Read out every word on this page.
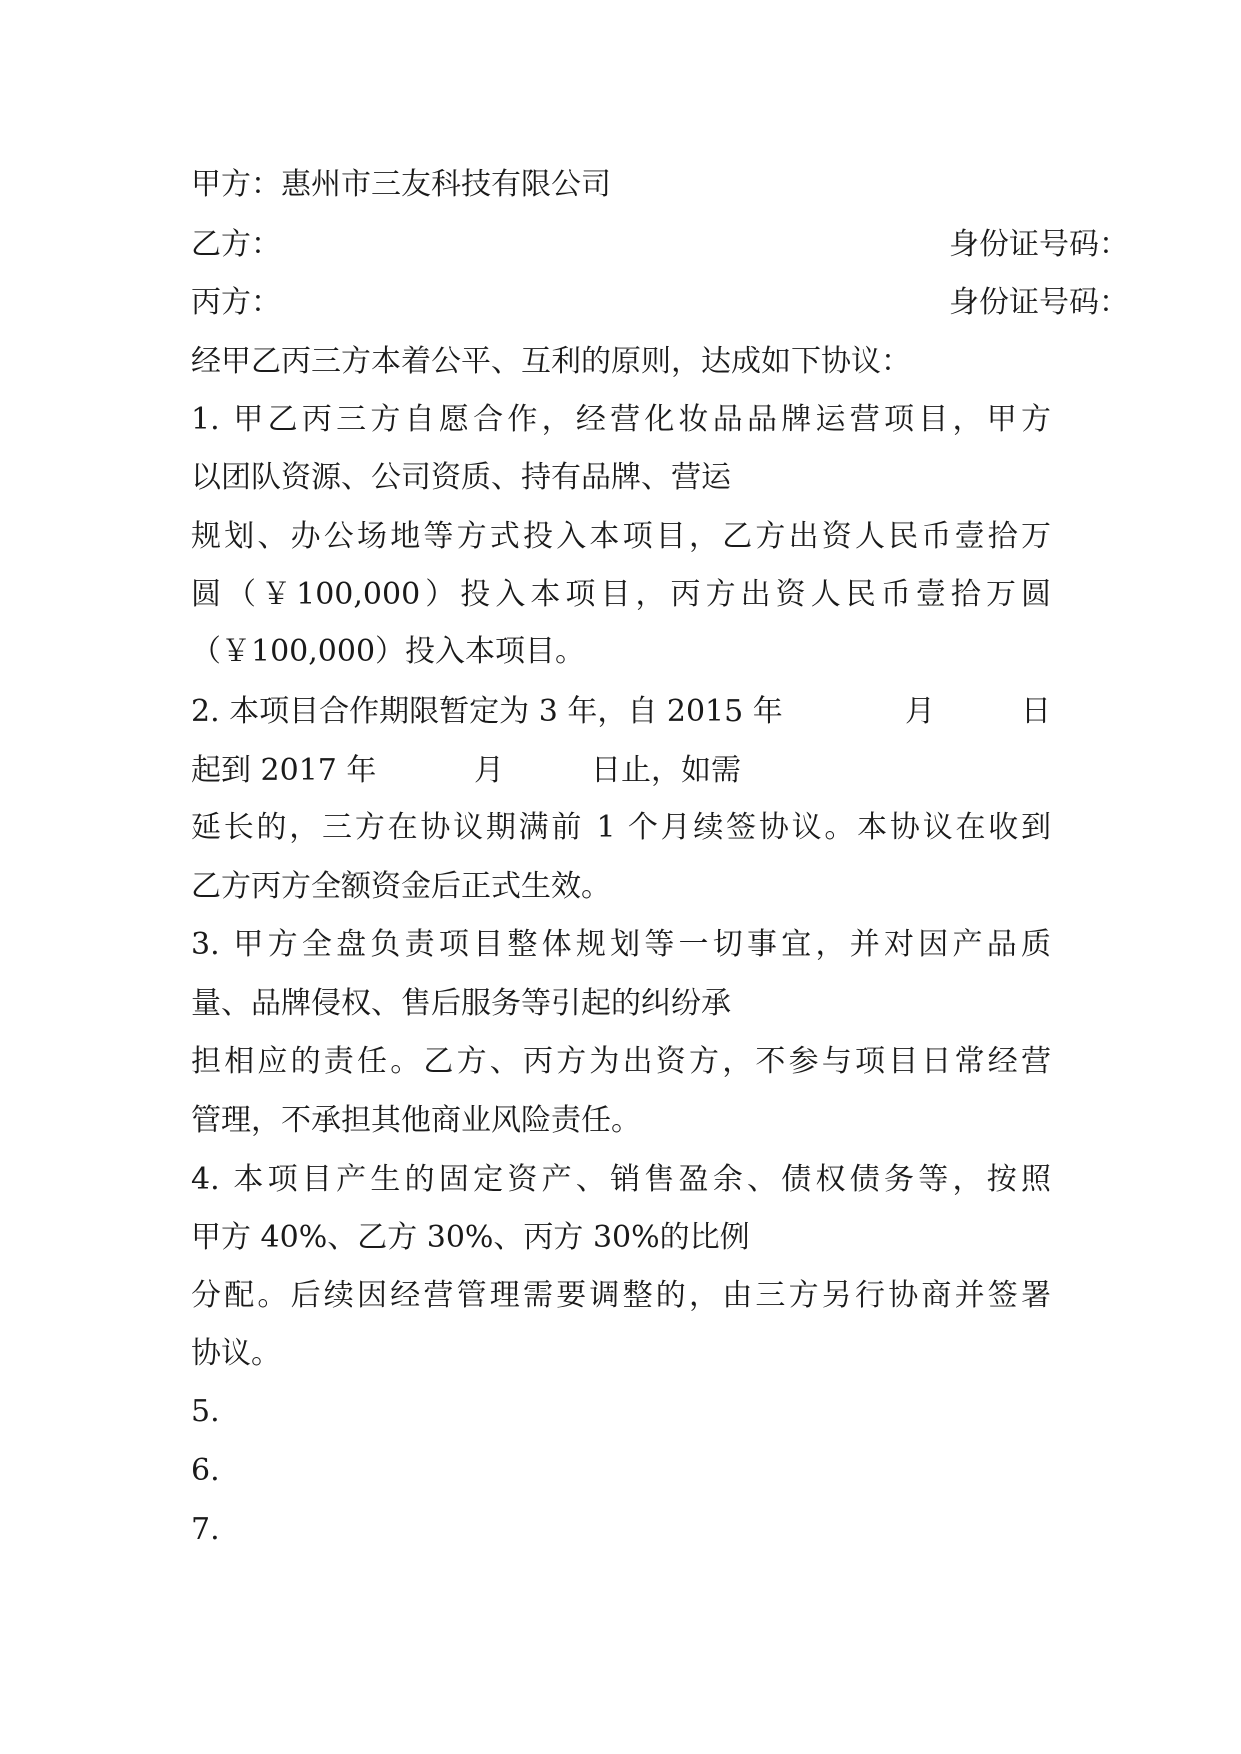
甲方：惠州市三友科技有限公司
乙方：	身份证号码：
丙方：	身份证号码：
经甲乙丙三方本着公平、互利的原则，达成如下协议：
1. 甲乙丙三方自愿合作，经营化妆品品牌运营项目，甲方
以团队资源、公司资质、持有品牌、营运
规划、办公场地等方式投入本项目，乙方出资人民币壹拾万
圆（￥100,000）投入本项目，丙方出资人民币壹拾万圆
（￥100,000）投入本项目。
2. 本项目合作期限暂定为 3 年，自 2015 年	月	日
起到 2017 年	月	日止，如需
延长的，三方在协议期满前 1 个月续签协议。本协议在收到
乙方丙方全额资金后正式生效。
3. 甲方全盘负责项目整体规划等一切事宜，并对因产品质
量、品牌侵权、售后服务等引起的纠纷承
担相应的责任。乙方、丙方为出资方，不参与项目日常经营
管理，不承担其他商业风险责任。
4. 本项目产生的固定资产、销售盈余、债权债务等，按照
甲方 40%、乙方 30%、丙方 30%的比例
分配。后续因经营管理需要调整的，由三方另行协商并签署
协议。
5.
6.
7.
